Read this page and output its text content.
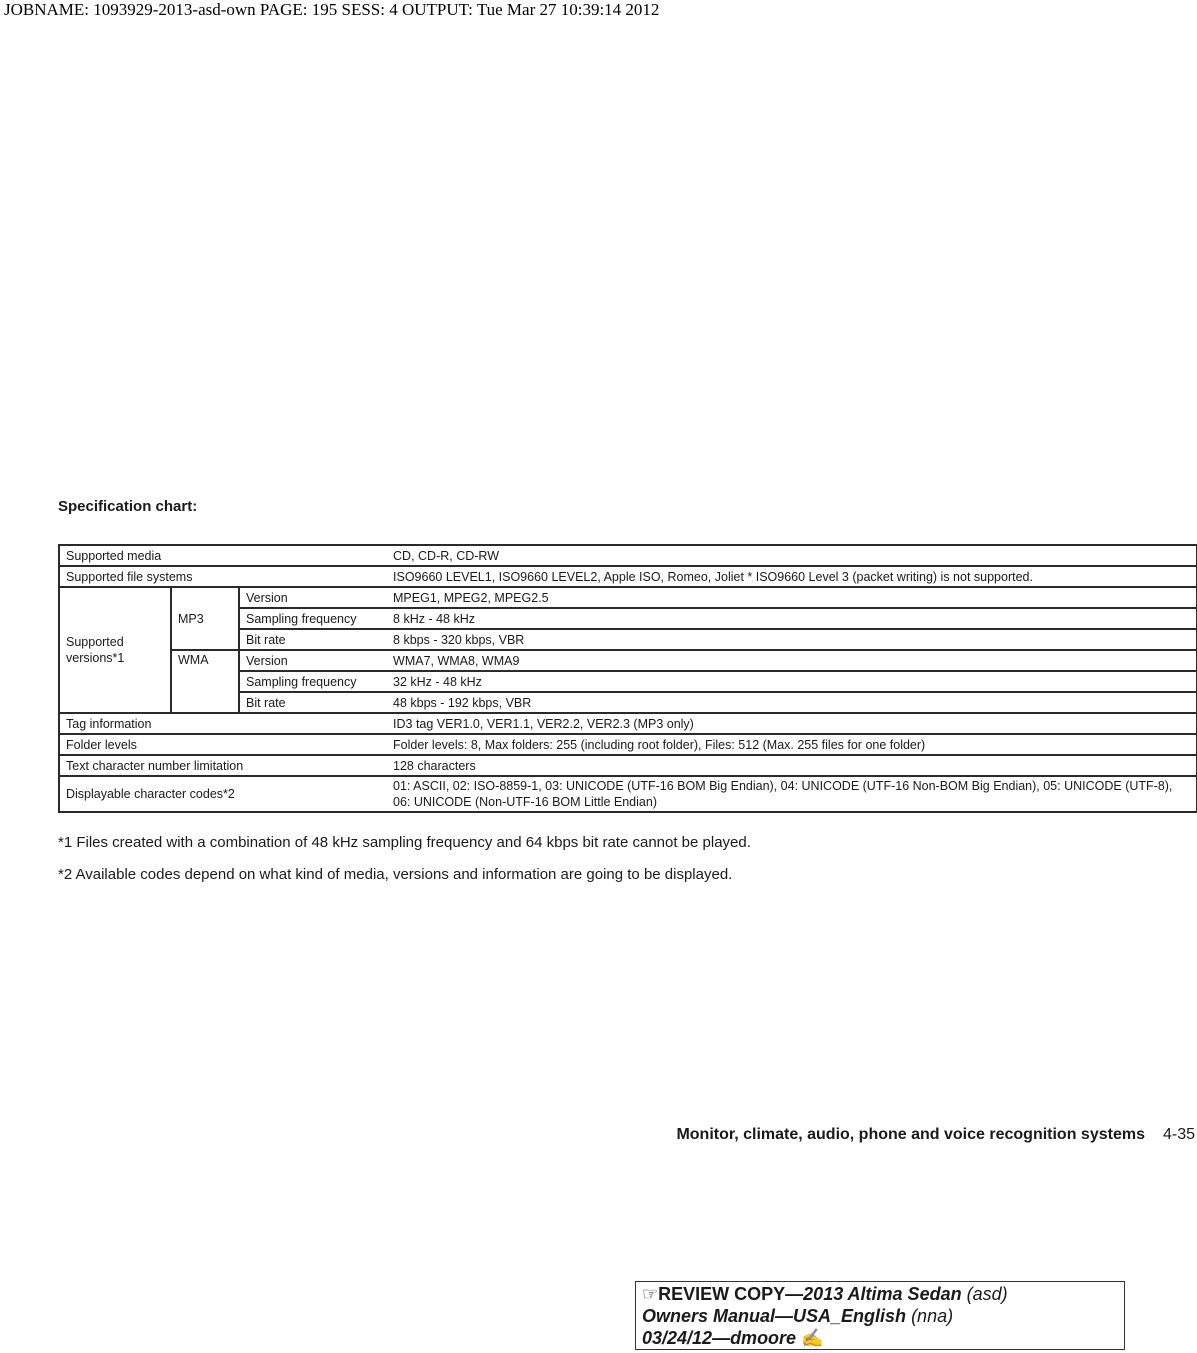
JOBNAME: 1093929-2013-asd-own PAGE: 195 SESS: 4 OUTPUT: Tue Mar 27 10:39:14 2012
Specification chart:
Supported media			CD, CD-R, CD-RW
Supported file systems			ISO9660 LEVEL1, ISO9660 LEVEL2, Apple ISO, Romeo, Joliet * ISO9660 Level 3 (packet writing) is not supported.
Supported versions*1	MP3	Version	MPEG1, MPEG2, MPEG2.5
		Sampling frequency	8 kHz - 48 kHz
		Bit rate	8 kbps - 320 kbps, VBR
	WMA	Version	WMA7, WMA8, WMA9
		Sampling frequency	32 kHz - 48 kHz
		Bit rate	48 kbps - 192 kbps, VBR
Tag information			ID3 tag VER1.0, VER1.1, VER2.2, VER2.3 (MP3 only)
Folder levels			Folder levels: 8, Max folders: 255 (including root folder), Files: 512 (Max. 255 files for one folder)
Text character number limitation			128 characters
Displayable character codes*2			01: ASCII, 02: ISO-8859-1, 03: UNICODE (UTF-16 BOM Big Endian), 04: UNICODE (UTF-16 Non-BOM Big Endian), 05: UNICODE (UTF-8), 06: UNICODE (Non-UTF-16 BOM Little Endian)
*1 Files created with a combination of 48 kHz sampling frequency and 64 kbps bit rate cannot be played.
*2 Available codes depend on what kind of media, versions and information are going to be displayed.
Monitor, climate, audio, phone and voice recognition systems 4-35
☞REVIEW COPY—2013 Altima Sedan (asd)
Owners Manual—USA_English (nna)
03/24/12—dmoore ✍
